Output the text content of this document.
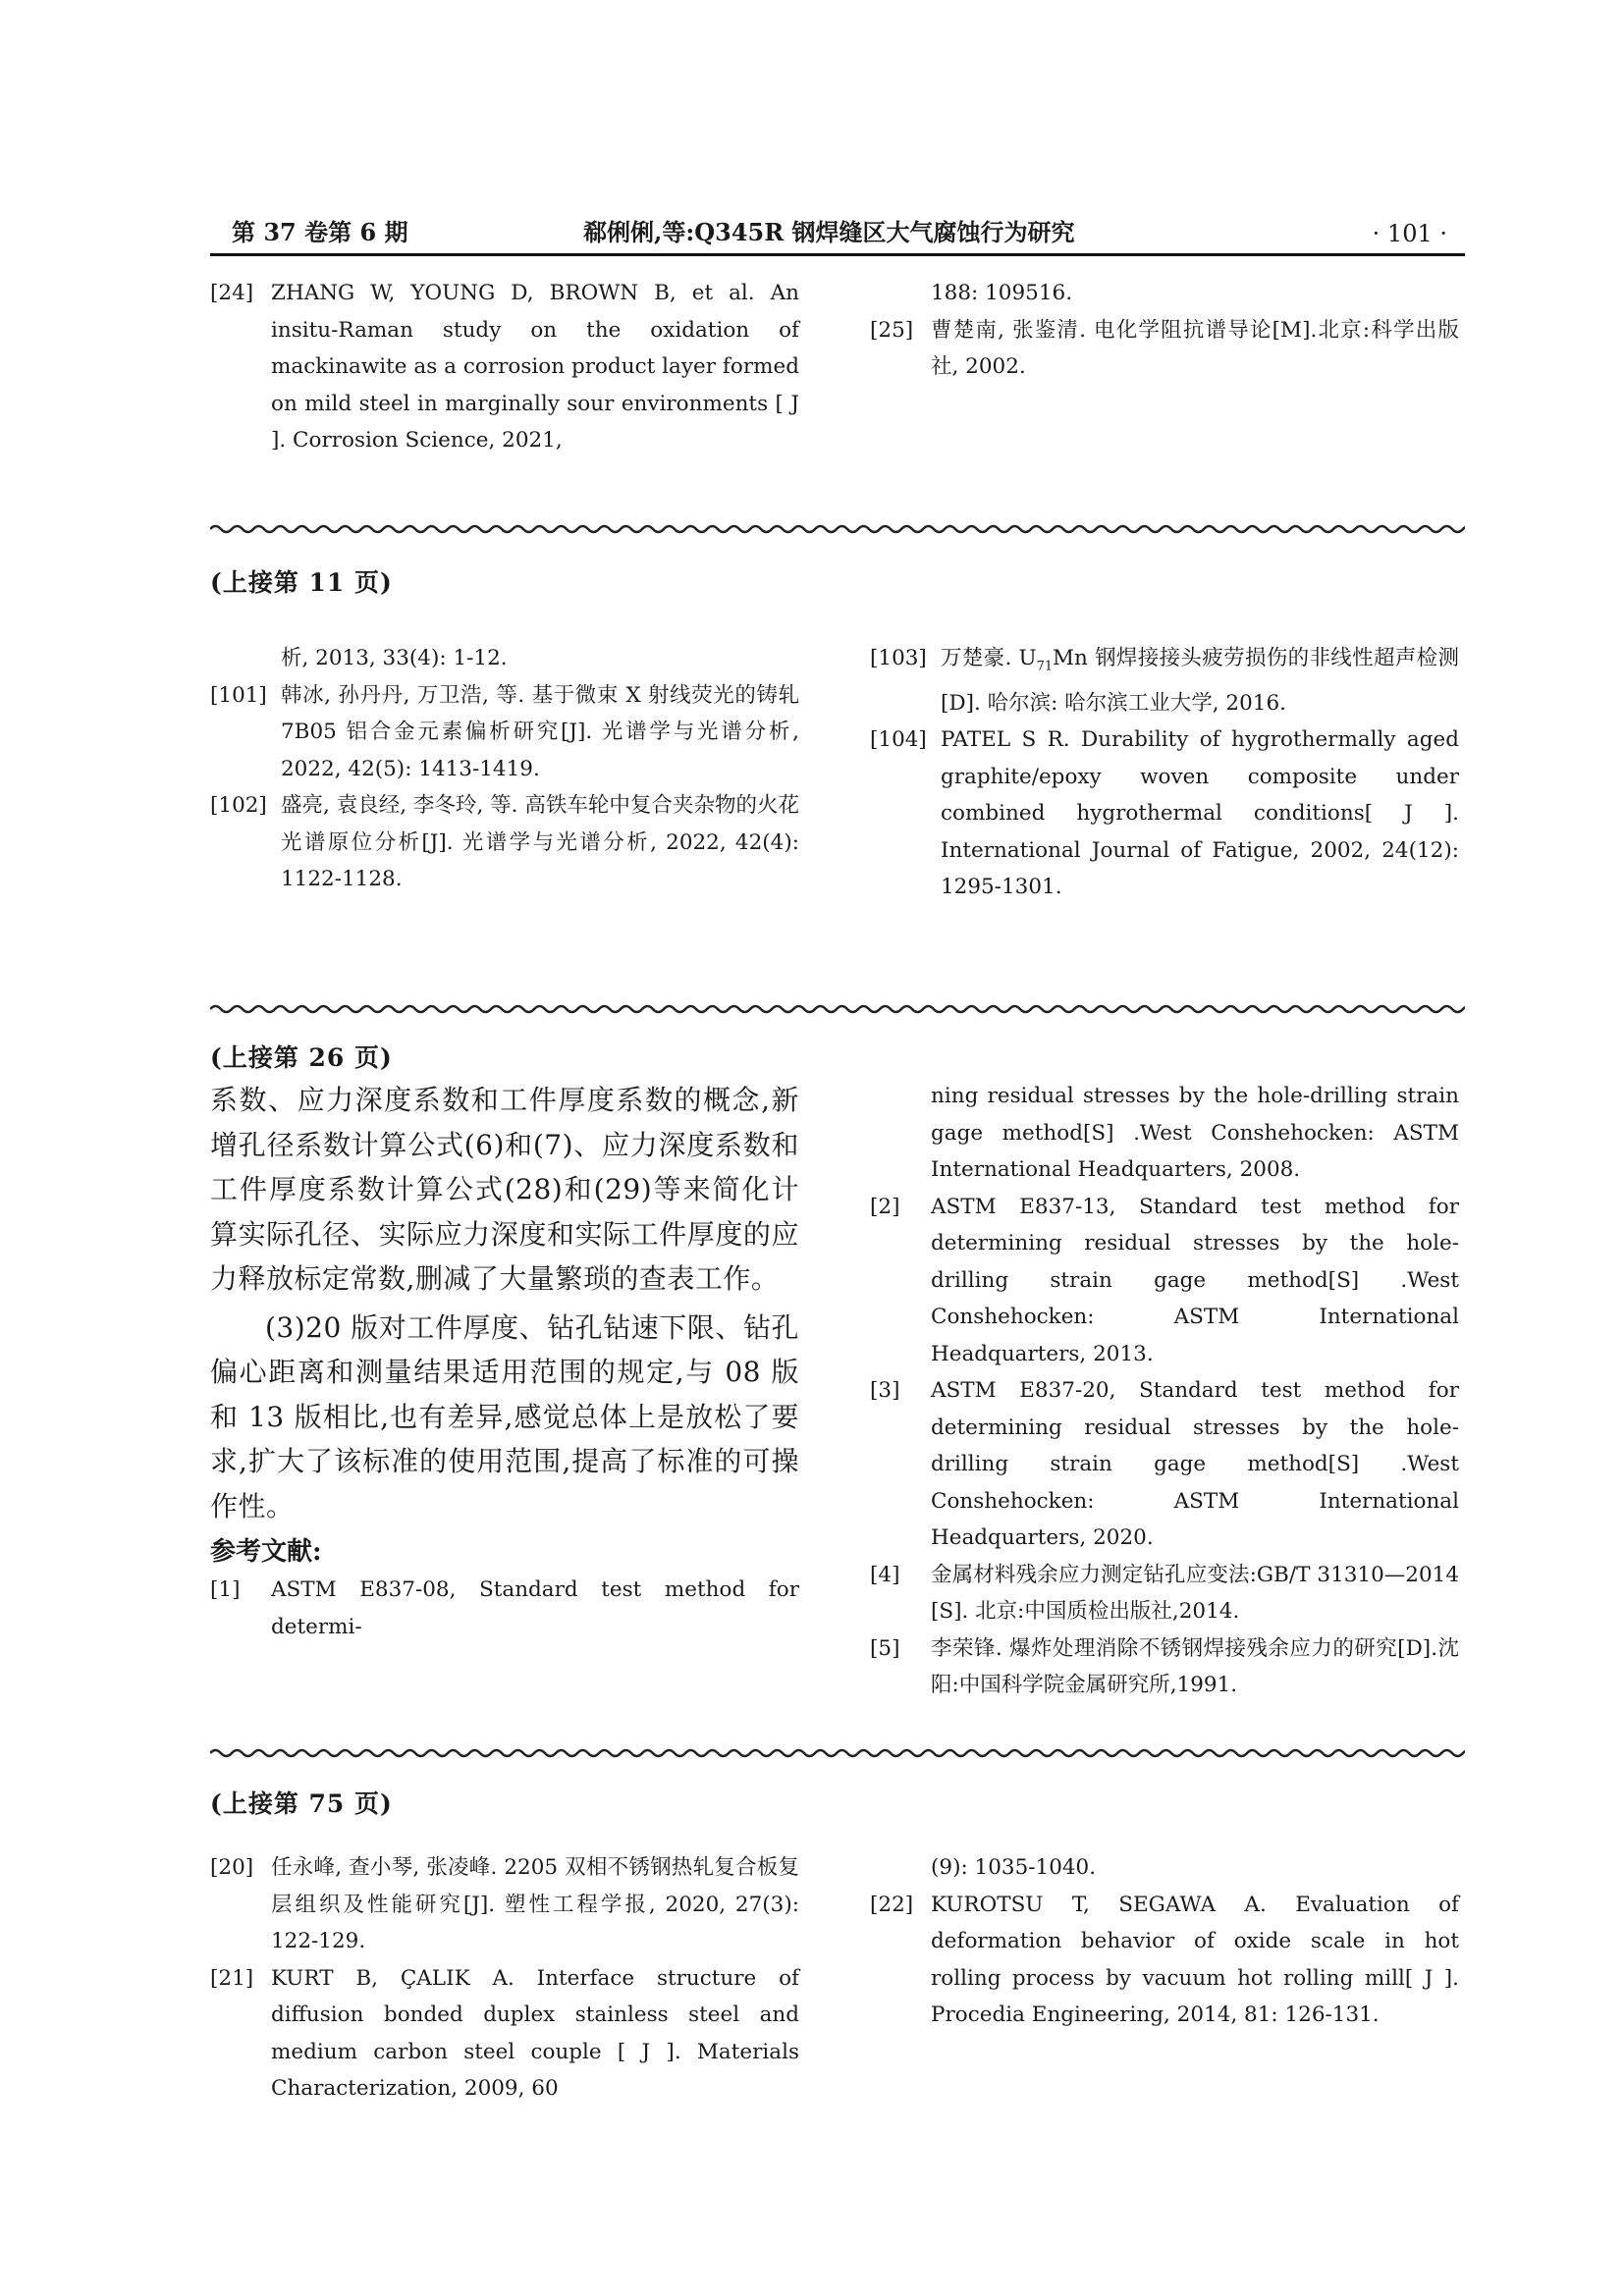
第 37 卷第 6 期	郗俐俐,等:Q345R 钢焊缝区大气腐蚀行为研究	· 101 ·
[24] ZHANG W, YOUNG D, BROWN B, et al. An insitu-Raman study on the oxidation of mackinawite as a corrosion product layer formed on mild steel in marginally sour environments [ J ]. Corrosion Science, 2021,
188: 109516.
[25] 曹楚南, 张鉴清. 电化学阻抗谱导论[M].北京:科学出版社, 2002.
(上接第 11 页)
析, 2013, 33(4): 1-12.
[101] 韩冰, 孙丹丹, 万卫浩, 等. 基于微束 X 射线荧光的铸轧 7B05 铝合金元素偏析研究[J]. 光谱学与光谱分析, 2022, 42(5): 1413-1419.
[102] 盛亮, 袁良经, 李冬玲, 等. 高铁车轮中复合夹杂物的火花光谱原位分析[J]. 光谱学与光谱分析, 2022, 42(4): 1122-1128.
[103] 万楚豪. $U_{71}Mn$ 钢焊接接头疲劳损伤的非线性超声检测[D]. 哈尔滨: 哈尔滨工业大学, 2016.
[104] PATEL S R. Durability of hygrothermally aged graphite/epoxy woven composite under combined hygrothermal conditions[ J ]. International Journal of Fatigue, 2002, 24(12): 1295-1301.
(上接第 26 页)
系数、应力深度系数和工件厚度系数的概念,新增孔径系数计算公式(6)和(7)、应力深度系数和工件厚度系数计算公式(28)和(29)等来简化计算实际孔径、实际应力深度和实际工件厚度的应力释放标定常数,删减了大量繁琐的查表工作。
(3)20 版对工件厚度、钻孔钻速下限、钻孔偏心距离和测量结果适用范围的规定,与 08 版和 13 版相比,也有差异,感觉总体上是放松了要求,扩大了该标准的使用范围,提高了标准的可操作性。
参考文献:
[1] ASTM E837-08, Standard test method for determi-
ning residual stresses by the hole-drilling strain gage method[S] .West Conshehocken: ASTM International Headquarters, 2008.
[2] ASTM E837-13, Standard test method for determining residual stresses by the hole-drilling strain gage method[S] .West Conshehocken: ASTM International Headquarters, 2013.
[3] ASTM E837-20, Standard test method for determining residual stresses by the hole-drilling strain gage method[S] .West Conshehocken: ASTM International Headquarters, 2020.
[4] 金属材料残余应力测定钻孔应变法:GB/T 31310—2014 [S]. 北京:中国质检出版社,2014.
[5] 李荣锋. 爆炸处理消除不锈钢焊接残余应力的研究[D].沈阳:中国科学院金属研究所,1991.
(上接第 75 页)
[20] 任永峰, 查小琴, 张凌峰. 2205 双相不锈钢热轧复合板复层组织及性能研究[J]. 塑性工程学报, 2020, 27(3): 122-129.
[21] KURT B, ÇALIK A. Interface structure of diffusion bonded duplex stainless steel and medium carbon steel couple [ J ]. Materials Characterization, 2009, 60
(9): 1035-1040.
[22] KUROTSU T, SEGAWA A. Evaluation of deformation behavior of oxide scale in hot rolling process by vacuum hot rolling mill[ J ]. Procedia Engineering, 2014, 81: 126-131.
